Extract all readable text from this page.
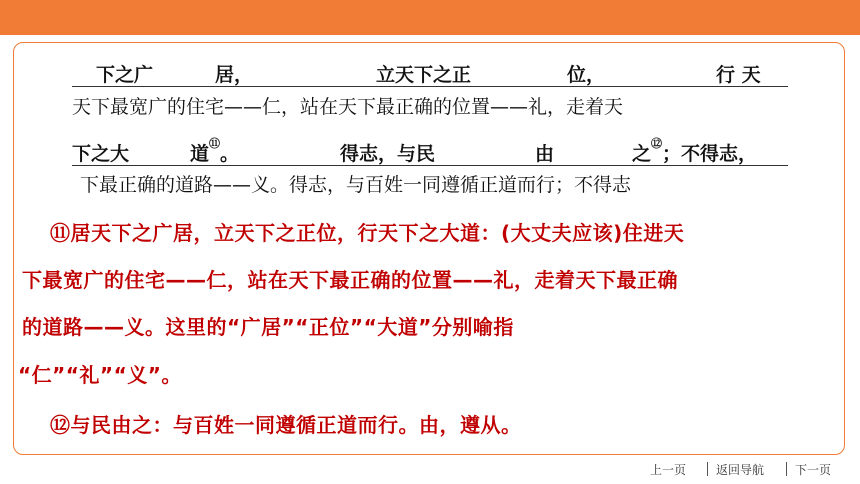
下之广	居，	立天下之正	位，	行 天
天下最宽广的住宅——仁，站在天下最正确的位置——礼，走着天
下之大	道⑪。	得志，与民	由	之⑫；不得志，
下最正确的道路——义。得志，与百姓一同遵循正道而行；不得志
⑪居天下之广居，立天下之正位，行天下之大道：(大丈夫应该)住进天
下最宽广的住宅——仁，站在天下最正确的位置——礼，走着天下最正确
的道路——义。这里的“广居”“正位”“大道”分别喻指
“仁”“礼”“义”。
⑫与民由之：与百姓一同遵循正道而行。由，遵从。
上一页 返回导航	下一页
